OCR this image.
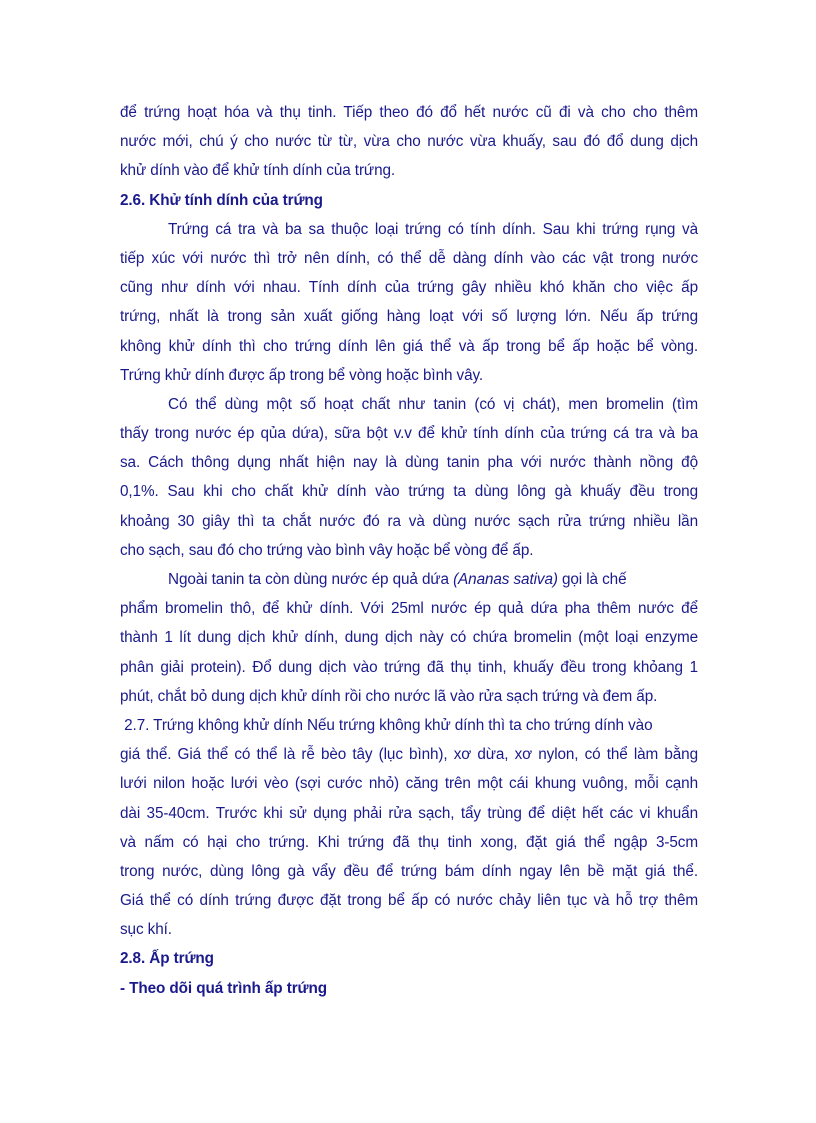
để trứng hoạt hóa và thụ tinh. Tiếp theo đó đổ hết nước cũ đi và cho cho thêm
nước mới, chú ý cho nước từ từ, vừa cho nước vừa khuấy, sau đó đổ dung dịch
khử dính vào để khử tính dính của trứng.
2.6. Khử tính dính của trứng
Trứng cá tra và ba sa thuộc loại trứng có tính dính. Sau khi trứng rụng và
tiếp xúc với nước thì trở nên dính, có thể dễ dàng dính vào các vật trong nước
cũng như dính với nhau. Tính dính của trứng gây nhiều khó khăn cho việc ấp
trứng, nhất là trong sản xuất giống hàng loạt với số lượng lớn. Nếu ấp trứng
không khử dính thì cho trứng dính lên giá thể và ấp trong bể ấp hoặc bể vòng.
Trứng khử dính được ấp trong bể vòng hoặc bình vây.
Có thể dùng một số hoạt chất như tanin (có vị chát), men bromelin (tìm
thấy trong nước ép qủa dứa), sữa bột v.v để khử tính dính của trứng cá tra và ba
sa. Cách thông dụng nhất hiện nay là dùng tanin pha với nước thành nồng độ
0,1%. Sau khi cho chất khử dính vào trứng ta dùng lông gà khuấy đều trong
khoảng 30 giây thì ta chắt nước đó ra và dùng nước sạch rửa trứng nhiều lần
cho sạch, sau đó cho trứng vào bình vây hoặc bể vòng để ấp.
Ngoài tanin ta còn dùng nước ép quả dứa (Ananas sativa) gọi là chế
phẩm bromelin thô, để khử dính. Với 25ml nước ép quả dứa pha thêm nước để
thành 1 lít dung dịch khử dính, dung dịch này có chứa bromelin (một loại enzyme
phân giải protein). Đổ dung dịch vào trứng đã thụ tinh, khuấy đều trong khỏang 1
phút, chắt bỏ dung dịch khử dính rồi cho nước lã vào rửa sạch trứng và đem ấp.
2.7. Trứng không khử dính Nếu trứng không khử dính thì ta cho trứng dính vào
giá thể. Giá thể có thể là rễ bèo tây (lục bình), xơ dừa, xơ nylon, có thể làm bằng
lưới nilon hoặc lưới vèo (sợi cước nhỏ) căng trên một cái khung vuông, mỗi cạnh
dài 35-40cm. Trước khi sử dụng phải rửa sạch, tẩy trùng để diệt hết các vi khuẩn
và nấm có hại cho trứng. Khi trứng đã thụ tinh xong, đặt giá thể ngập 3-5cm
trong nước, dùng lông gà vẩy đều để trứng bám dính ngay lên bề mặt giá thể.
Giá thể có dính trứng được đặt trong bể ấp có nước chảy liên tục và hỗ trợ thêm
sục khí.
2.8. Ấp trứng
- Theo dõi quá trình ấp trứng
